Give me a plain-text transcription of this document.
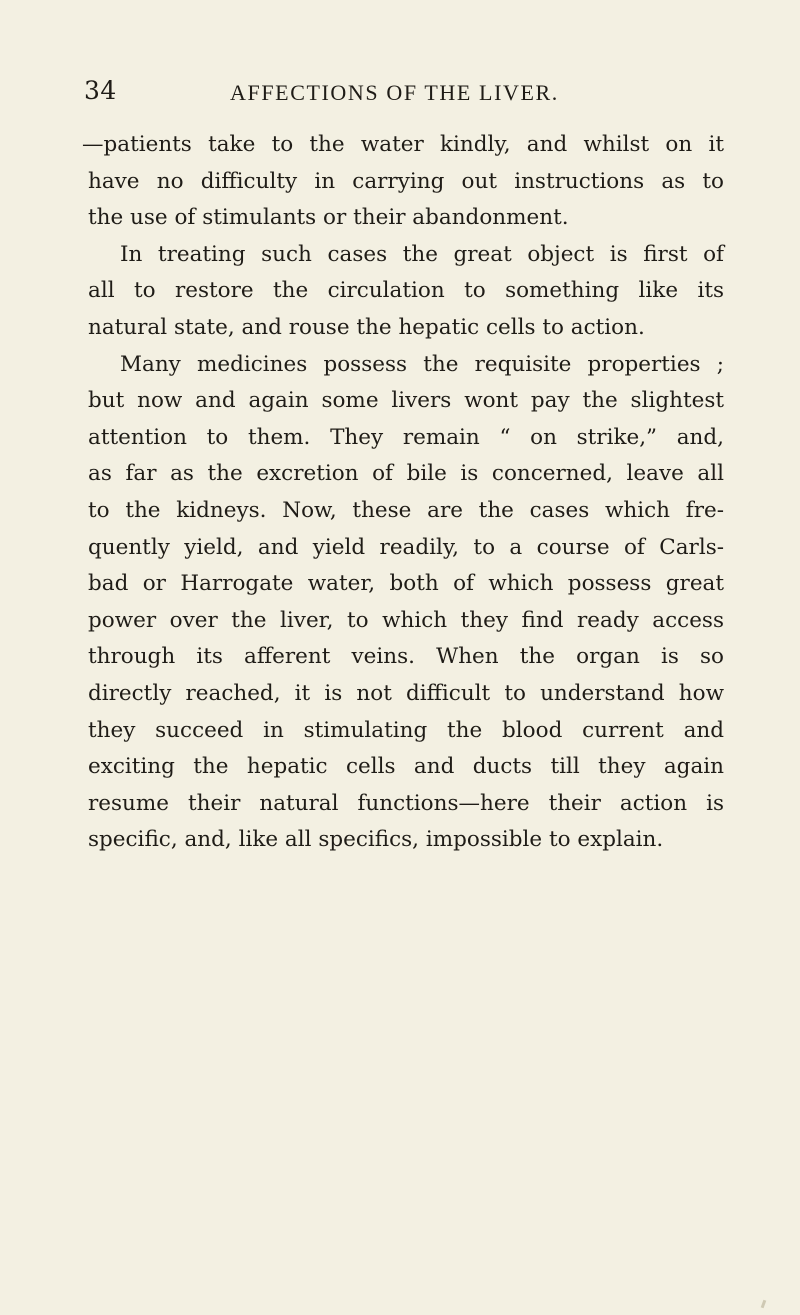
34	AFFECTIONS OF THE LIVER.
—patients take to the water kindly, and whilst on it
have no difficulty in carrying out instructions as to
the use of stimulants or their abandonment.
In treating such cases the great object is first of
all to restore the circulation to something like its
natural state, and rouse the hepatic cells to action.
Many medicines possess the requisite properties ;
but now and again some livers wont pay the slightest
attention to them. They remain “ on strike,” and,
as far as the excretion of bile is concerned, leave all
to the kidneys. Now, these are the cases which fre-
quently yield, and yield readily, to a course of Carls-
bad or Harrogate water, both of which possess great
power over the liver, to which they find ready access
through its afferent veins. When the organ is so
directly reached, it is not difficult to understand how
they succeed in stimulating the blood current and
exciting the hepatic cells and ducts till they again
resume their natural functions—here their action is
specific, and, like all specifics, impossible to explain.
